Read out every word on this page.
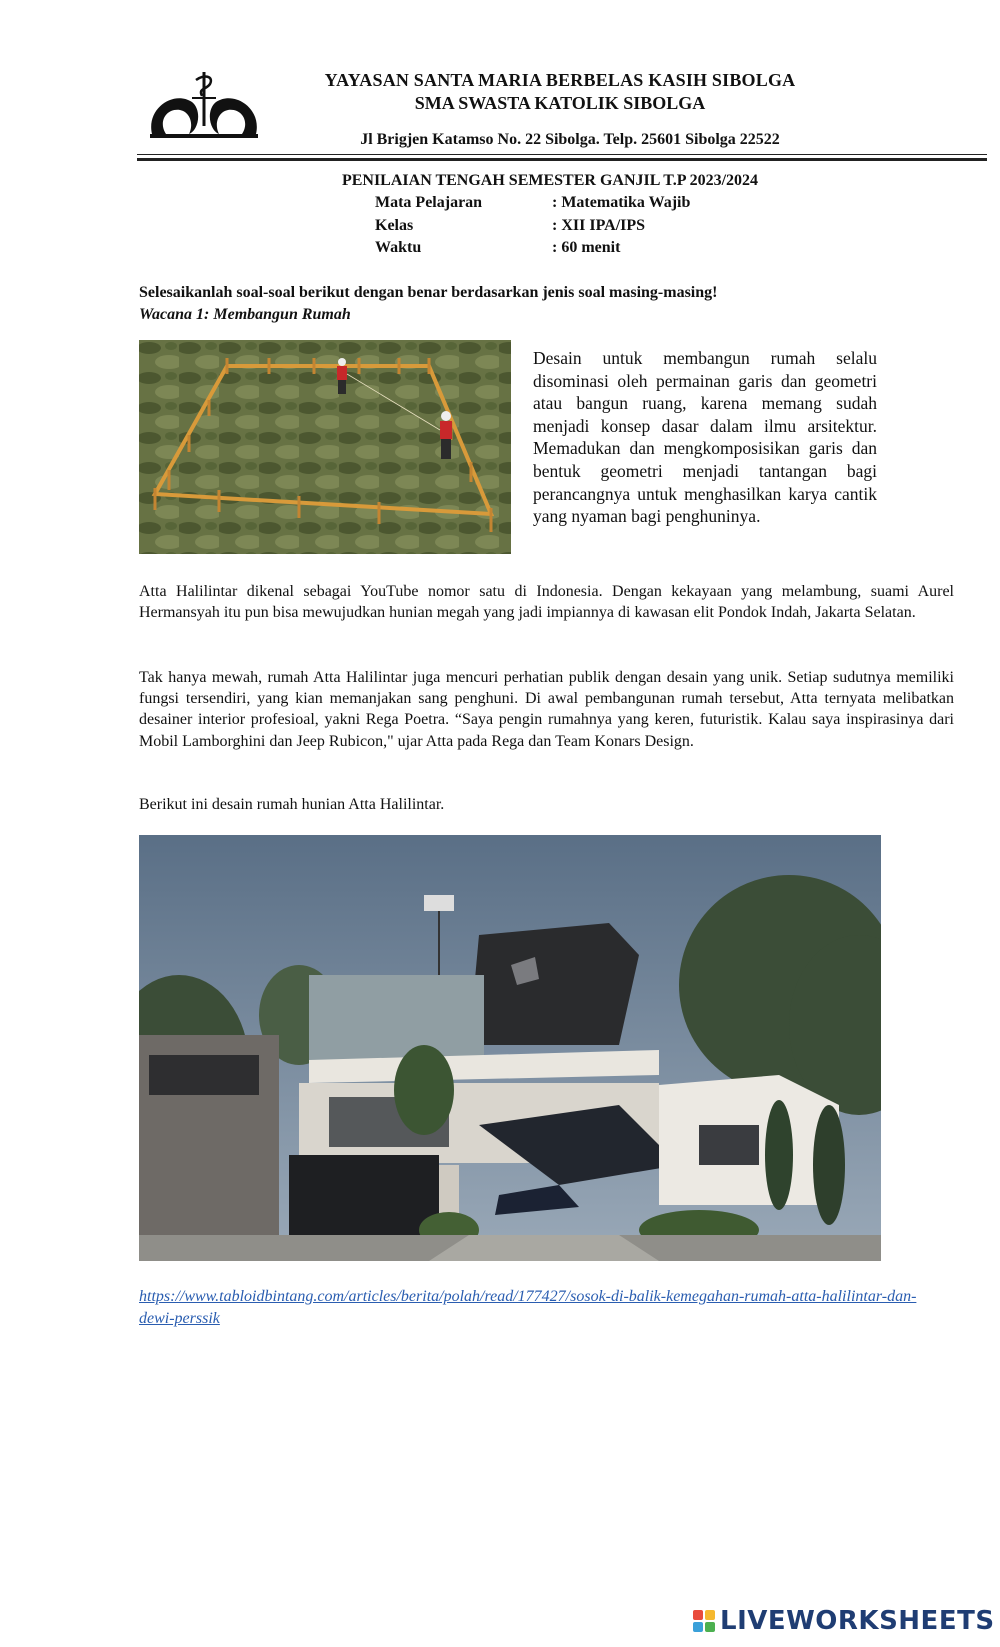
YAYASAN SANTA MARIA BERBELAS KASIH SIBOLGA
SMA SWASTA KATOLIK SIBOLGA
Jl Brigjen Katamso No. 22 Sibolga. Telp. 25601 Sibolga 22522
PENILAIAN TENGAH SEMESTER GANJIL T.P 2023/2024
Mata Pelajaran	: Matematika Wajib
Kelas	: XII IPA/IPS
Waktu	: 60 menit
Selesaikanlah soal-soal berikut dengan benar berdasarkan jenis soal masing-masing!
Wacana 1: Membangun Rumah
Desain untuk membangun rumah selalu disominasi oleh permainan garis dan geometri atau bangun ruang, karena memang sudah menjadi konsep dasar dalam ilmu arsitektur. Memadukan dan mengkomposisikan garis dan bentuk geometri menjadi tantangan bagi perancangnya untuk menghasilkan karya cantik yang nyaman bagi penghuninya.
Atta Halilintar dikenal sebagai YouTube nomor satu di Indonesia. Dengan kekayaan yang melambung, suami Aurel Hermansyah itu pun bisa mewujudkan hunian megah yang jadi impiannya di kawasan elit Pondok Indah, Jakarta Selatan.
Tak hanya mewah, rumah Atta Halilintar juga mencuri perhatian publik dengan desain yang unik. Setiap sudutnya memiliki fungsi tersendiri, yang kian memanjakan sang penghuni. Di awal pembangunan rumah tersebut, Atta ternyata melibatkan desainer interior profesioal, yakni Rega Poetra. “Saya pengin rumahnya yang keren, futuristik. Kalau saya inspirasinya dari Mobil Lamborghini dan Jeep Rubicon," ujar Atta pada Rega dan Team Konars Design.
Berikut ini desain rumah hunian Atta Halilintar.
https://www.tabloidbintang.com/articles/berita/polah/read/177427/sosok-di-balik-kemegahan-rumah-atta-halilintar-dan-dewi-perssik
LIVEWORKSHEETS
